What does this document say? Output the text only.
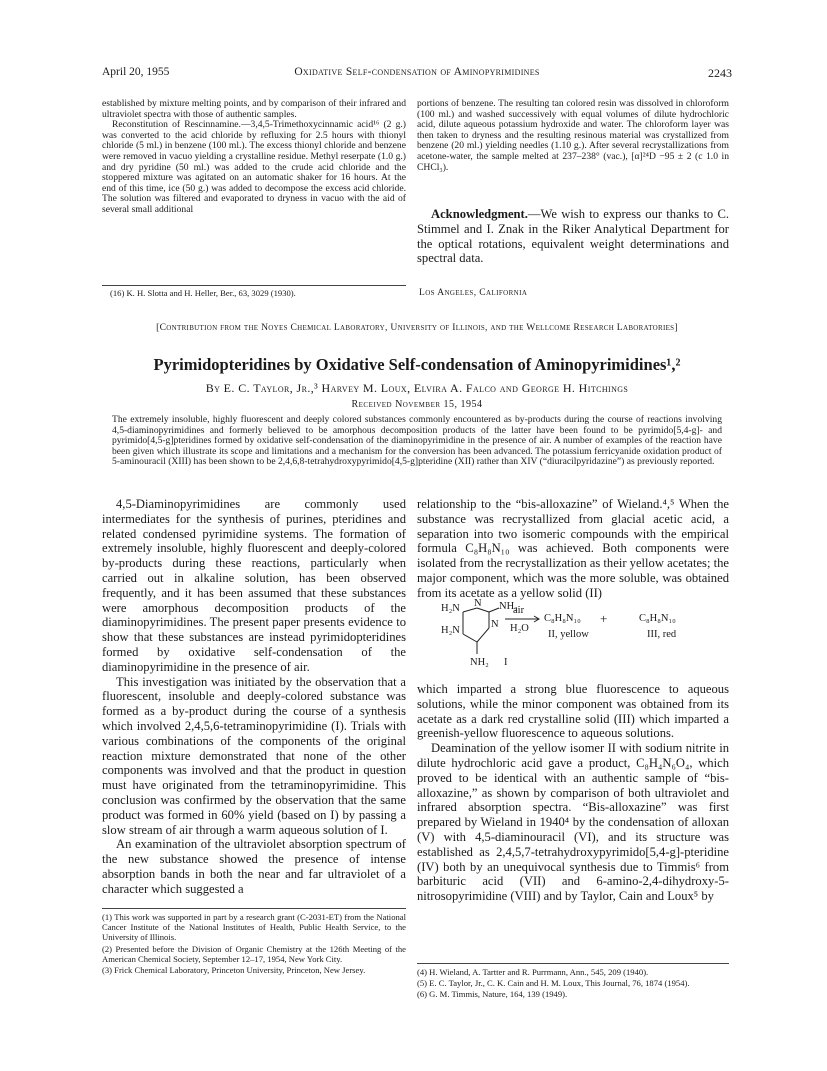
April 20, 1955	Oxidative Self-condensation of Aminopyrimidines	2243

established by mixture melting points, and by comparison of their infrared and ultraviolet spectra with those of authentic samples.

Reconstitution of Rescinnamine.—3,4,5-Trimethoxycinnamic acid¹⁶ (2 g.) was converted to the acid chloride by refluxing for 2.5 hours with thionyl chloride (5 ml.) in benzene (100 ml.). The excess thionyl chloride and benzene were removed in vacuo yielding a crystalline residue. Methyl reserpate (1.0 g.) and dry pyridine (50 ml.) was added to the crude acid chloride and the stoppered mixture was agitated on an automatic shaker for 16 hours. At the end of this time, ice (50 g.) was added to decompose the excess acid chloride. The solution was filtered and evaporated to dryness in vacuo with the aid of several small additional

(16) K. H. Slotta and H. Heller, Ber., 63, 3029 (1930).

portions of benzene. The resulting tan colored resin was dissolved in chloroform (100 ml.) and washed successively with equal volumes of dilute hydrochloric acid, dilute aqueous potassium hydroxide and water. The chloroform layer was then taken to dryness and the resulting resinous material was crystallized from benzene (20 ml.) yielding needles (1.10 g.). After several recrystallizations from acetone-water, the sample melted at 237–238° (vac.), [α]²⁴D −95 ± 2 (c 1.0 in CHCl₃).

Acknowledgment.—We wish to express our thanks to C. Stimmel and I. Znak in the Riker Analytical Department for the optical rotations, equivalent weight determinations and spectral data.

Los Angeles, California
[Contribution from the Noyes Chemical Laboratory, University of Illinois, and the Wellcome Research Laboratories]
Pyrimidopteridines by Oxidative Self-condensation of Aminopyrimidines¹,²
By E. C. Taylor, Jr.,³ Harvey M. Loux, Elvira A. Falco and George H. Hitchings
Received November 15, 1954
The extremely insoluble, highly fluorescent and deeply colored substances commonly encountered as by-products during the course of reactions involving 4,5-diaminopyrimidines and formerly believed to be amorphous decomposition products of the latter have been found to be pyrimido[5,4-g]- and pyrimido[4,5-g]pteridines formed by oxidative self-condensation of the diaminopyrimidine in the presence of air. A number of examples of the reaction have been given which illustrate its scope and limitations and a mechanism for the conversion has been advanced. The potassium ferricyanide oxidation product of 5-aminouracil (XIII) has been shown to be 2,4,6,8-tetrahydroxypyrimido[4,5-g]pteridine (XII) rather than XIV (“diuracilpyridazine”) as previously reported.

4,5-Diaminopyrimidines are commonly used intermediates for the synthesis of purines, pteridines and related condensed pyrimidine systems. The formation of extremely insoluble, highly fluorescent and deeply-colored by-products during these reactions, particularly when carried out in alkaline solution, has been observed frequently, and it has been assumed that these substances were amorphous decomposition products of the diaminopyrimidines. The present paper presents evidence to show that these substances are instead pyrimidopteridines formed by oxidative self-condensation of the diaminopyrimidine in the presence of air.

This investigation was initiated by the observation that a fluorescent, insoluble and deeply-colored substance was formed as a by-product during the course of a synthesis which involved 2,4,5,6-tetraminopyrimidine (I). Trials with various combinations of the components of the original reaction mixture demonstrated that none of the other components was involved and that the product in question must have originated from the tetraminopyrimidine. This conclusion was confirmed by the observation that the same product was formed in 60% yield (based on I) by passing a slow stream of air through a warm aqueous solution of I.

An examination of the ultraviolet absorption spectrum of the new substance showed the presence of intense absorption bands in both the near and far ultraviolet of a character which suggested a

(1) This work was supported in part by a research grant (C-2031-ET) from the National Cancer Institute of the National Institutes of Health, Public Health Service, to the University of Illinois.

(2) Presented before the Division of Organic Chemistry at the 126th Meeting of the American Chemical Society, September 12–17, 1954, New York City.

(3) Frick Chemical Laboratory, Princeton University, Princeton, New Jersey.

relationship to the “bis-alloxazine” of Wieland.⁴,⁵ When the substance was recrystallized from glacial acetic acid, a separation into two isomeric compounds with the empirical formula C₈H₈N₁₀ was achieved. Both components were isolated from the recrystallization as their yellow acetates; the major component, which was the more soluble, was obtained from its acetate as a yellow solid (II)

H₂N N NH₂
H₂N
N
NH₂ I
air
H₂O
C₈H₈N₁₀ +	C₈H₈N₁₀
II, yellow	III, red

which imparted a strong blue fluorescence to aqueous solutions, while the minor component was obtained from its acetate as a dark red crystalline solid (III) which imparted a greenish-yellow fluorescence to aqueous solutions.

Deamination of the yellow isomer II with sodium nitrite in dilute hydrochloric acid gave a product, C₈H₄N₆O₄, which proved to be identical with an authentic sample of “bis-alloxazine,” as shown by comparison of both ultraviolet and infrared absorption spectra. “Bis-alloxazine” was first prepared by Wieland in 1940⁴ by the condensation of alloxan (V) with 4,5-diaminouracil (VI), and its structure was established as 2,4,5,7-tetrahydroxypyrimido[5,4-g]-pteridine (IV) both by an unequivocal synthesis due to Timmis⁶ from barbituric acid (VII) and 6-amino-2,4-dihydroxy-5-nitrosopyrimidine (VIII) and by Taylor, Cain and Loux⁵ by

(4) H. Wieland, A. Tartter and R. Purrmann, Ann., 545, 209 (1940).

(5) E. C. Taylor, Jr., C. K. Cain and H. M. Loux, This Journal, 76, 1874 (1954).

(6) G. M. Timmis, Nature, 164, 139 (1949).
